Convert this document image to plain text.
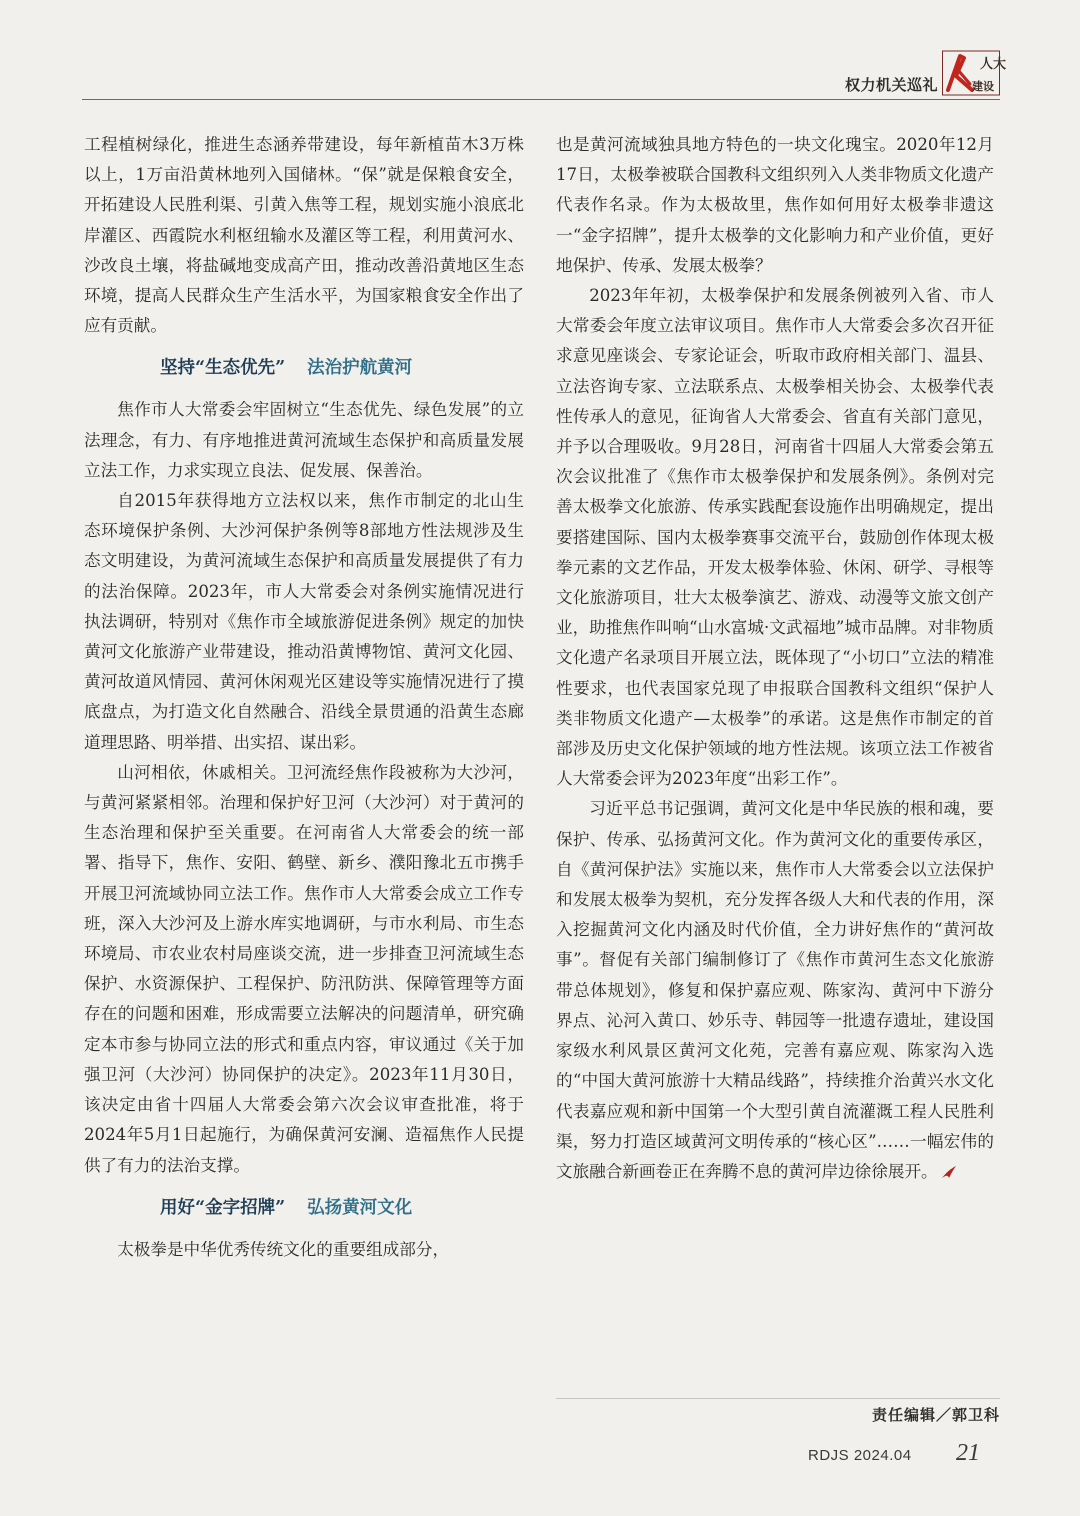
权力机关巡礼
人大
建设

工程植树绿化，推进生态涵养带建设，每年新植苗木3万株以上，1万亩沿黄林地列入国储林。“保”就是保粮食安全，开拓建设人民胜利渠、引黄入焦等工程，规划实施小浪底北岸灌区、西霞院水利枢纽输水及灌区等工程，利用黄河水、沙改良土壤，将盐碱地变成高产田，推动改善沿黄地区生态环境，提高人民群众生产生活水平，为国家粮食安全作出了应有贡献。

坚持“生态优先” 法治护航黄河

焦作市人大常委会牢固树立“生态优先、绿色发展”的立法理念，有力、有序地推进黄河流域生态保护和高质量发展立法工作，力求实现立良法、促发展、保善治。

自2015年获得地方立法权以来，焦作市制定的北山生态环境保护条例、大沙河保护条例等8部地方性法规涉及生态文明建设，为黄河流域生态保护和高质量发展提供了有力的法治保障。2023年，市人大常委会对条例实施情况进行执法调研，特别对《焦作市全域旅游促进条例》规定的加快黄河文化旅游产业带建设，推动沿黄博物馆、黄河文化园、黄河故道风情园、黄河休闲观光区建设等实施情况进行了摸底盘点，为打造文化自然融合、沿线全景贯通的沿黄生态廊道理思路、明举措、出实招、谋出彩。

山河相依，休戚相关。卫河流经焦作段被称为大沙河，与黄河紧紧相邻。治理和保护好卫河（大沙河）对于黄河的生态治理和保护至关重要。在河南省人大常委会的统一部署、指导下，焦作、安阳、鹤壁、新乡、濮阳豫北五市携手开展卫河流域协同立法工作。焦作市人大常委会成立工作专班，深入大沙河及上游水库实地调研，与市水利局、市生态环境局、市农业农村局座谈交流，进一步排查卫河流域生态保护、水资源保护、工程保护、防汛防洪、保障管理等方面存在的问题和困难，形成需要立法解决的问题清单，研究确定本市参与协同立法的形式和重点内容，审议通过《关于加强卫河（大沙河）协同保护的决定》。2023年11月30日，该决定由省十四届人大常委会第六次会议审查批准，将于2024年5月1日起施行，为确保黄河安澜、造福焦作人民提供了有力的法治支撑。

用好“金字招牌” 弘扬黄河文化

太极拳是中华优秀传统文化的重要组成部分，

也是黄河流域独具地方特色的一块文化瑰宝。2020年12月17日，太极拳被联合国教科文组织列入人类非物质文化遗产代表作名录。作为太极故里，焦作如何用好太极拳非遗这一“金字招牌”，提升太极拳的文化影响力和产业价值，更好地保护、传承、发展太极拳？

2023年年初，太极拳保护和发展条例被列入省、市人大常委会年度立法审议项目。焦作市人大常委会多次召开征求意见座谈会、专家论证会，听取市政府相关部门、温县、立法咨询专家、立法联系点、太极拳相关协会、太极拳代表性传承人的意见，征询省人大常委会、省直有关部门意见，并予以合理吸收。9月28日，河南省十四届人大常委会第五次会议批准了《焦作市太极拳保护和发展条例》。条例对完善太极拳文化旅游、传承实践配套设施作出明确规定，提出要搭建国际、国内太极拳赛事交流平台，鼓励创作体现太极拳元素的文艺作品，开发太极拳体验、休闲、研学、寻根等文化旅游项目，壮大太极拳演艺、游戏、动漫等文旅文创产业，助推焦作叫响“山水富城·文武福地”城市品牌。对非物质文化遗产名录项目开展立法，既体现了“小切口”立法的精准性要求，也代表国家兑现了申报联合国教科文组织“保护人类非物质文化遗产—太极拳”的承诺。这是焦作市制定的首部涉及历史文化保护领域的地方性法规。该项立法工作被省人大常委会评为2023年度“出彩工作”。

习近平总书记强调，黄河文化是中华民族的根和魂，要保护、传承、弘扬黄河文化。作为黄河文化的重要传承区，自《黄河保护法》实施以来，焦作市人大常委会以立法保护和发展太极拳为契机，充分发挥各级人大和代表的作用，深入挖掘黄河文化内涵及时代价值，全力讲好焦作的“黄河故事”。督促有关部门编制修订了《焦作市黄河生态文化旅游带总体规划》，修复和保护嘉应观、陈家沟、黄河中下游分界点、沁河入黄口、妙乐寺、韩园等一批遗存遗址，建设国家级水利风景区黄河文化苑，完善有嘉应观、陈家沟入选的“中国大黄河旅游十大精品线路”，持续推介治黄兴水文化代表嘉应观和新中国第一个大型引黄自流灌溉工程人民胜利渠，努力打造区域黄河文明传承的“核心区”……一幅宏伟的文旅融合新画卷正在奔腾不息的黄河岸边徐徐展开。

责任编辑／郭卫科
RDJS 2024.04 21
